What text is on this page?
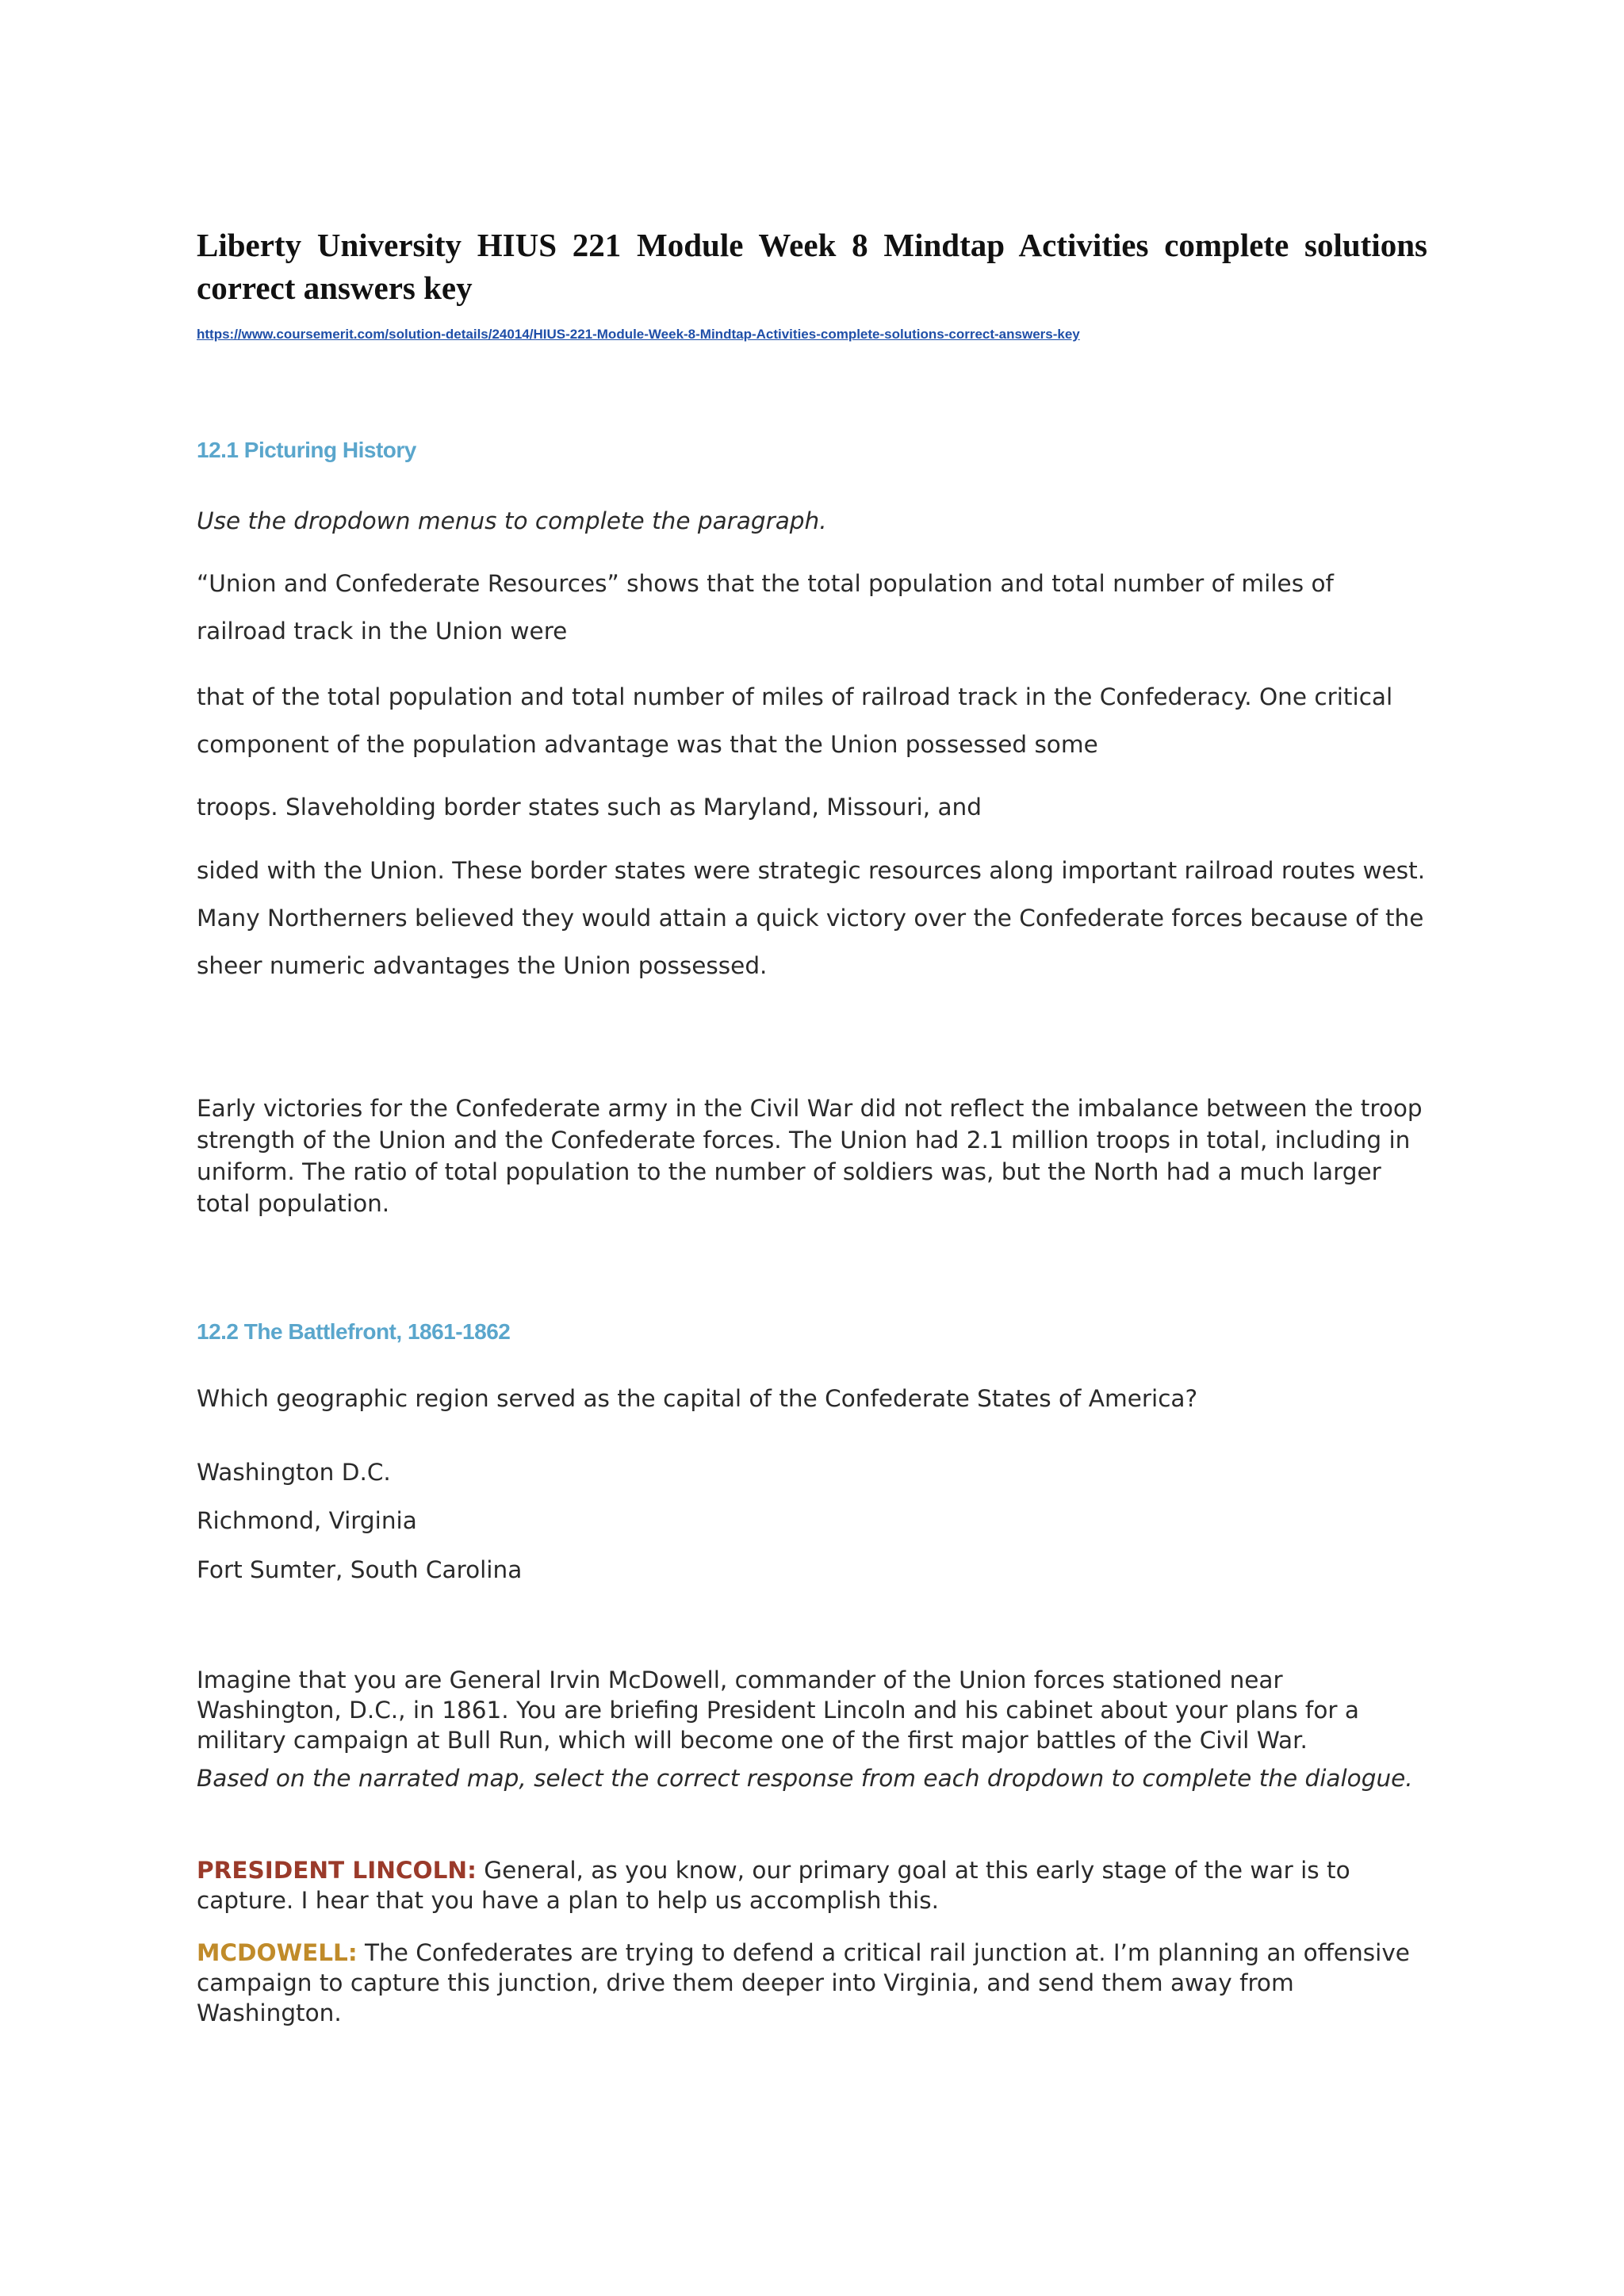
Liberty University HIUS 221 Module Week 8 Mindtap Activities complete solutions correct answers key
https://www.coursemerit.com/solution-details/24014/HIUS-221-Module-Week-8-Mindtap-Activities-complete-solutions-correct-answers-key
12.1 Picturing History

Use the dropdown menus to complete the paragraph.

“Union and Confederate Resources” shows that the total population and total number of miles of railroad track in the Union were

that of the total population and total number of miles of railroad track in the Confederacy. One critical component of the population advantage was that the Union possessed some

troops. Slaveholding border states such as Maryland, Missouri, and

sided with the Union. These border states were strategic resources along important railroad routes west. Many Northerners believed they would attain a quick victory over the Confederate forces because of the sheer numeric advantages the Union possessed.

Early victories for the Confederate army in the Civil War did not reflect the imbalance between the troop strength of the Union and the Confederate forces. The Union had 2.1 million troops in total, including in uniform. The ratio of total population to the number of soldiers was, but the North had a much larger total population.

12.2 The Battlefront, 1861-1862

Which geographic region served as the capital of the Confederate States of America?

Washington D.C.

Richmond, Virginia

Fort Sumter, South Carolina

Imagine that you are General Irvin McDowell, commander of the Union forces stationed near Washington, D.C., in 1861. You are briefing President Lincoln and his cabinet about your plans for a military campaign at Bull Run, which will become one of the first major battles of the Civil War.

Based on the narrated map, select the correct response from each dropdown to complete the dialogue.

PRESIDENT LINCOLN: General, as you know, our primary goal at this early stage of the war is to capture. I hear that you have a plan to help us accomplish this.

MCDOWELL: The Confederates are trying to defend a critical rail junction at. I’m planning an offensive campaign to capture this junction, drive them deeper into Virginia, and send them away from Washington.
